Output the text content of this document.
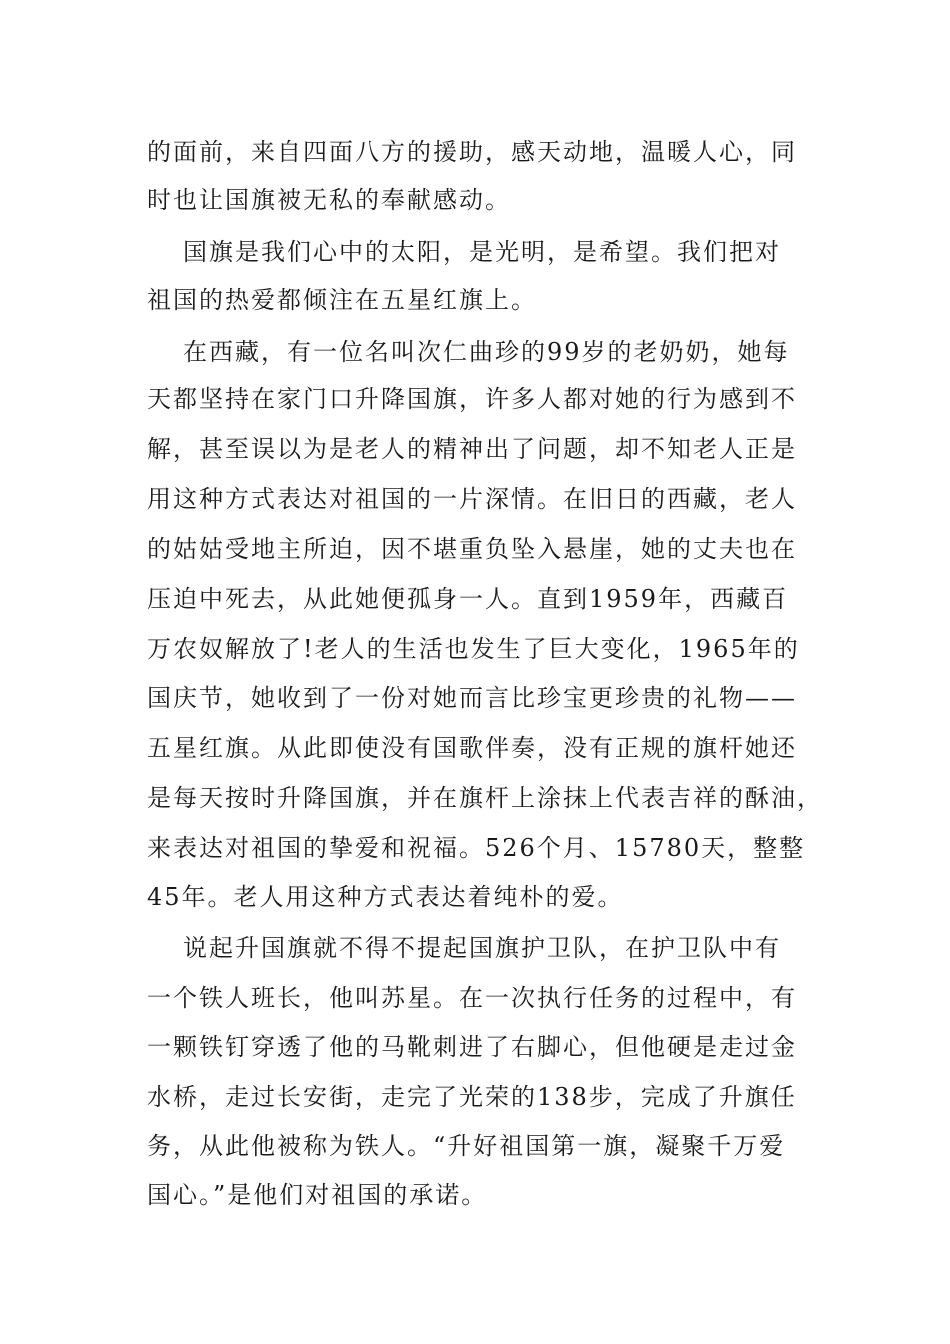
的面前，来自四面八方的援助，感天动地，温暖人心，同
时也让国旗被无私的奉献感动。
国旗是我们心中的太阳，是光明，是希望。我们把对
祖国的热爱都倾注在五星红旗上。
在西藏，有一位名叫次仁曲珍的99岁的老奶奶，她每
天都坚持在家门口升降国旗，许多人都对她的行为感到不
解，甚至误以为是老人的精神出了问题，却不知老人正是
用这种方式表达对祖国的一片深情。在旧日的西藏，老人
的姑姑受地主所迫，因不堪重负坠入悬崖，她的丈夫也在
压迫中死去，从此她便孤身一人。直到1959年，西藏百
万农奴解放了!老人的生活也发生了巨大变化，1965年的
国庆节，她收到了一份对她而言比珍宝更珍贵的礼物——
五星红旗。从此即使没有国歌伴奏，没有正规的旗杆她还
是每天按时升降国旗，并在旗杆上涂抹上代表吉祥的酥油，
来表达对祖国的挚爱和祝福。526个月、15780天，整整
45年。老人用这种方式表达着纯朴的爱。
说起升国旗就不得不提起国旗护卫队，在护卫队中有
一个铁人班长，他叫苏星。在一次执行任务的过程中，有
一颗铁钉穿透了他的马靴刺进了右脚心，但他硬是走过金
水桥，走过长安街，走完了光荣的138步，完成了升旗任
务，从此他被称为铁人。“升好祖国第一旗，凝聚千万爱
国心。”是他们对祖国的承诺。
